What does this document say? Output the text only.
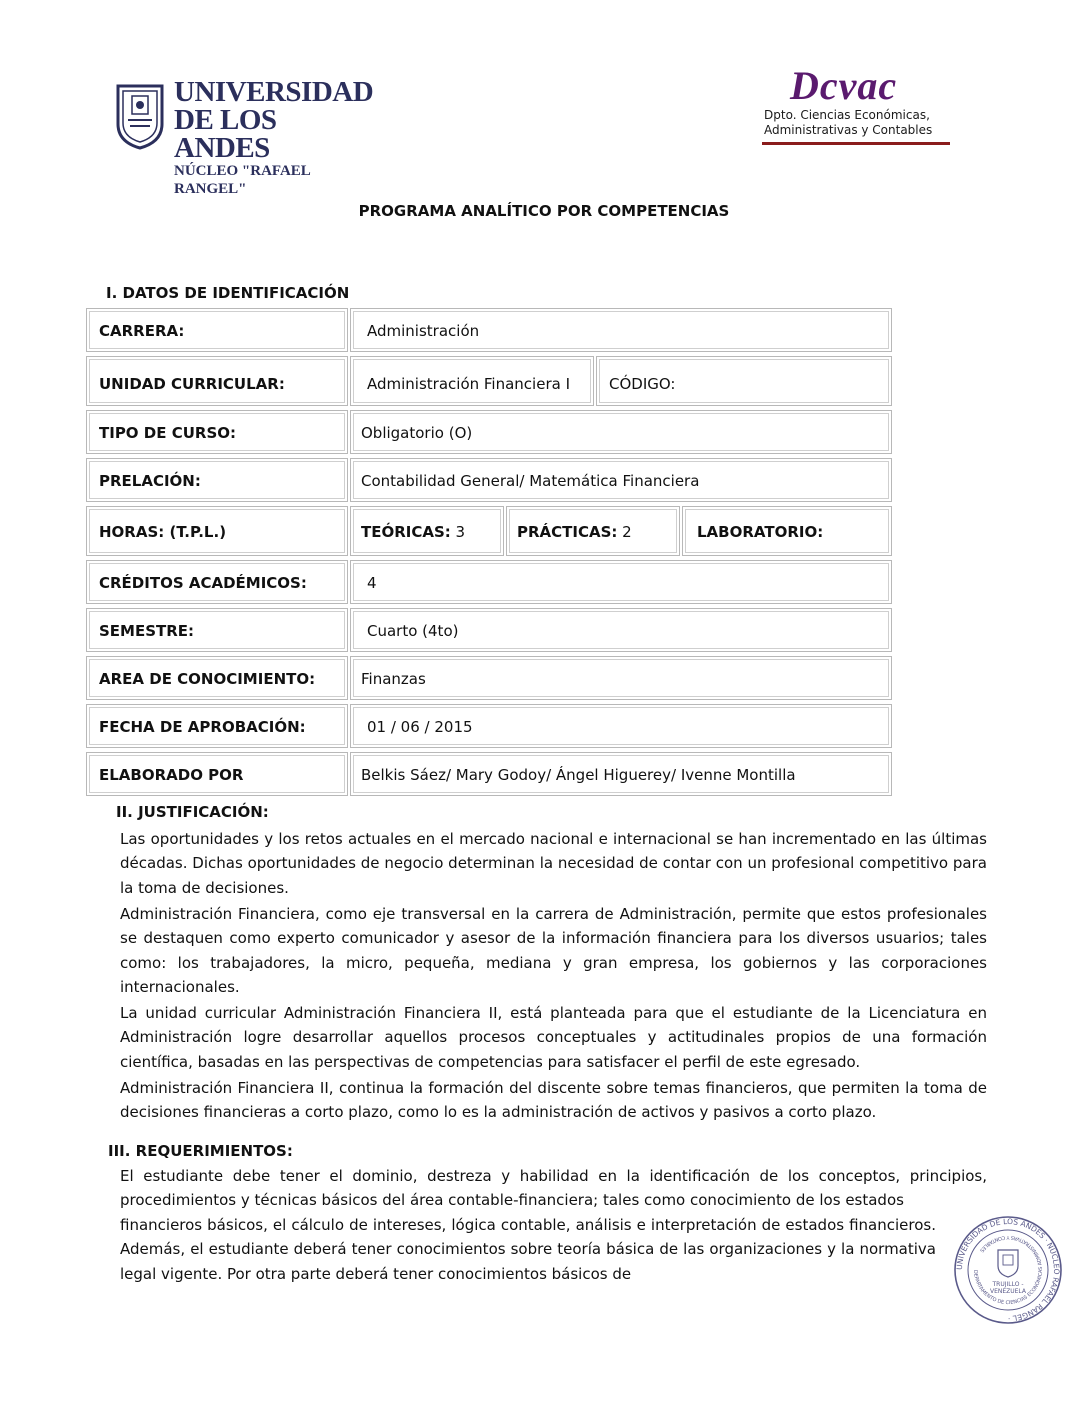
UNIVERSIDAD
DE LOS ANDES
NÚCLEO "RAFAEL RANGEL"
Dcvac
Dpto. Ciencias Económicas,
Administrativas y Contables
PROGRAMA ANALÍTICO POR COMPETENCIAS
I. DATOS DE IDENTIFICACIÓN
CARRERA:	Administración
UNIDAD CURRICULAR:	Administración Financiera I	CÓDIGO:
TIPO DE CURSO:	Obligatorio (O)
PRELACIÓN:	Contabilidad General/ Matemática Financiera
HORAS: (T.P.L.)	TEÓRICAS: 3	PRÁCTICAS: 2	LABORATORIO:
CRÉDITOS ACADÉMICOS:	4
SEMESTRE:	Cuarto (4to)
AREA DE CONOCIMIENTO:	Finanzas
FECHA DE APROBACIÓN:	01 / 06 / 2015
ELABORADO POR	Belkis Sáez/ Mary Godoy/ Ángel Higuerey/ Ivenne Montilla
II. JUSTIFICACIÓN:

Las oportunidades y los retos actuales en el mercado nacional e internacional se han incrementado en las últimas décadas. Dichas oportunidades de negocio determinan la necesidad de contar con un profesional competitivo para la toma de decisiones.

Administración Financiera, como eje transversal en la carrera de Administración, permite que estos profesionales se destaquen como experto comunicador y asesor de la información financiera para los diversos usuarios; tales como: los trabajadores, la micro, pequeña, mediana y gran empresa, los gobiernos y las corporaciones internacionales.

La unidad curricular Administración Financiera II, está planteada para que el estudiante de la Licenciatura en Administración logre desarrollar aquellos procesos conceptuales y actitudinales propios de una formación científica, basadas en las perspectivas de competencias para satisfacer el perfil de este egresado.

Administración Financiera II, continua la formación del discente sobre temas financieros, que permiten la toma de decisiones financieras a corto plazo, como lo es la administración de activos y pasivos a corto plazo.

III. REQUERIMIENTOS:

El estudiante debe tener el dominio, destreza y habilidad en la identificación de los conceptos, principios, procedimientos y técnicas básicos del área contable-financiera; tales como conocimiento de los estados

financieros básicos, el cálculo de intereses, lógica contable, análisis e interpretación de estados financieros. Además, el estudiante deberá tener conocimientos sobre teoría básica de las organizaciones y la normativa legal vigente. Por otra parte deberá tener conocimientos básicos de	UNIVERSIDAD DE LOS ANDES · NÚCLEO RAFAEL RANGEL ·
DEPARTAMENTO DE CIENCIAS ECONÓMICAS ADMINISTRATIVAS Y CONTABLES
TRUJILLO -
VENEZUELA
